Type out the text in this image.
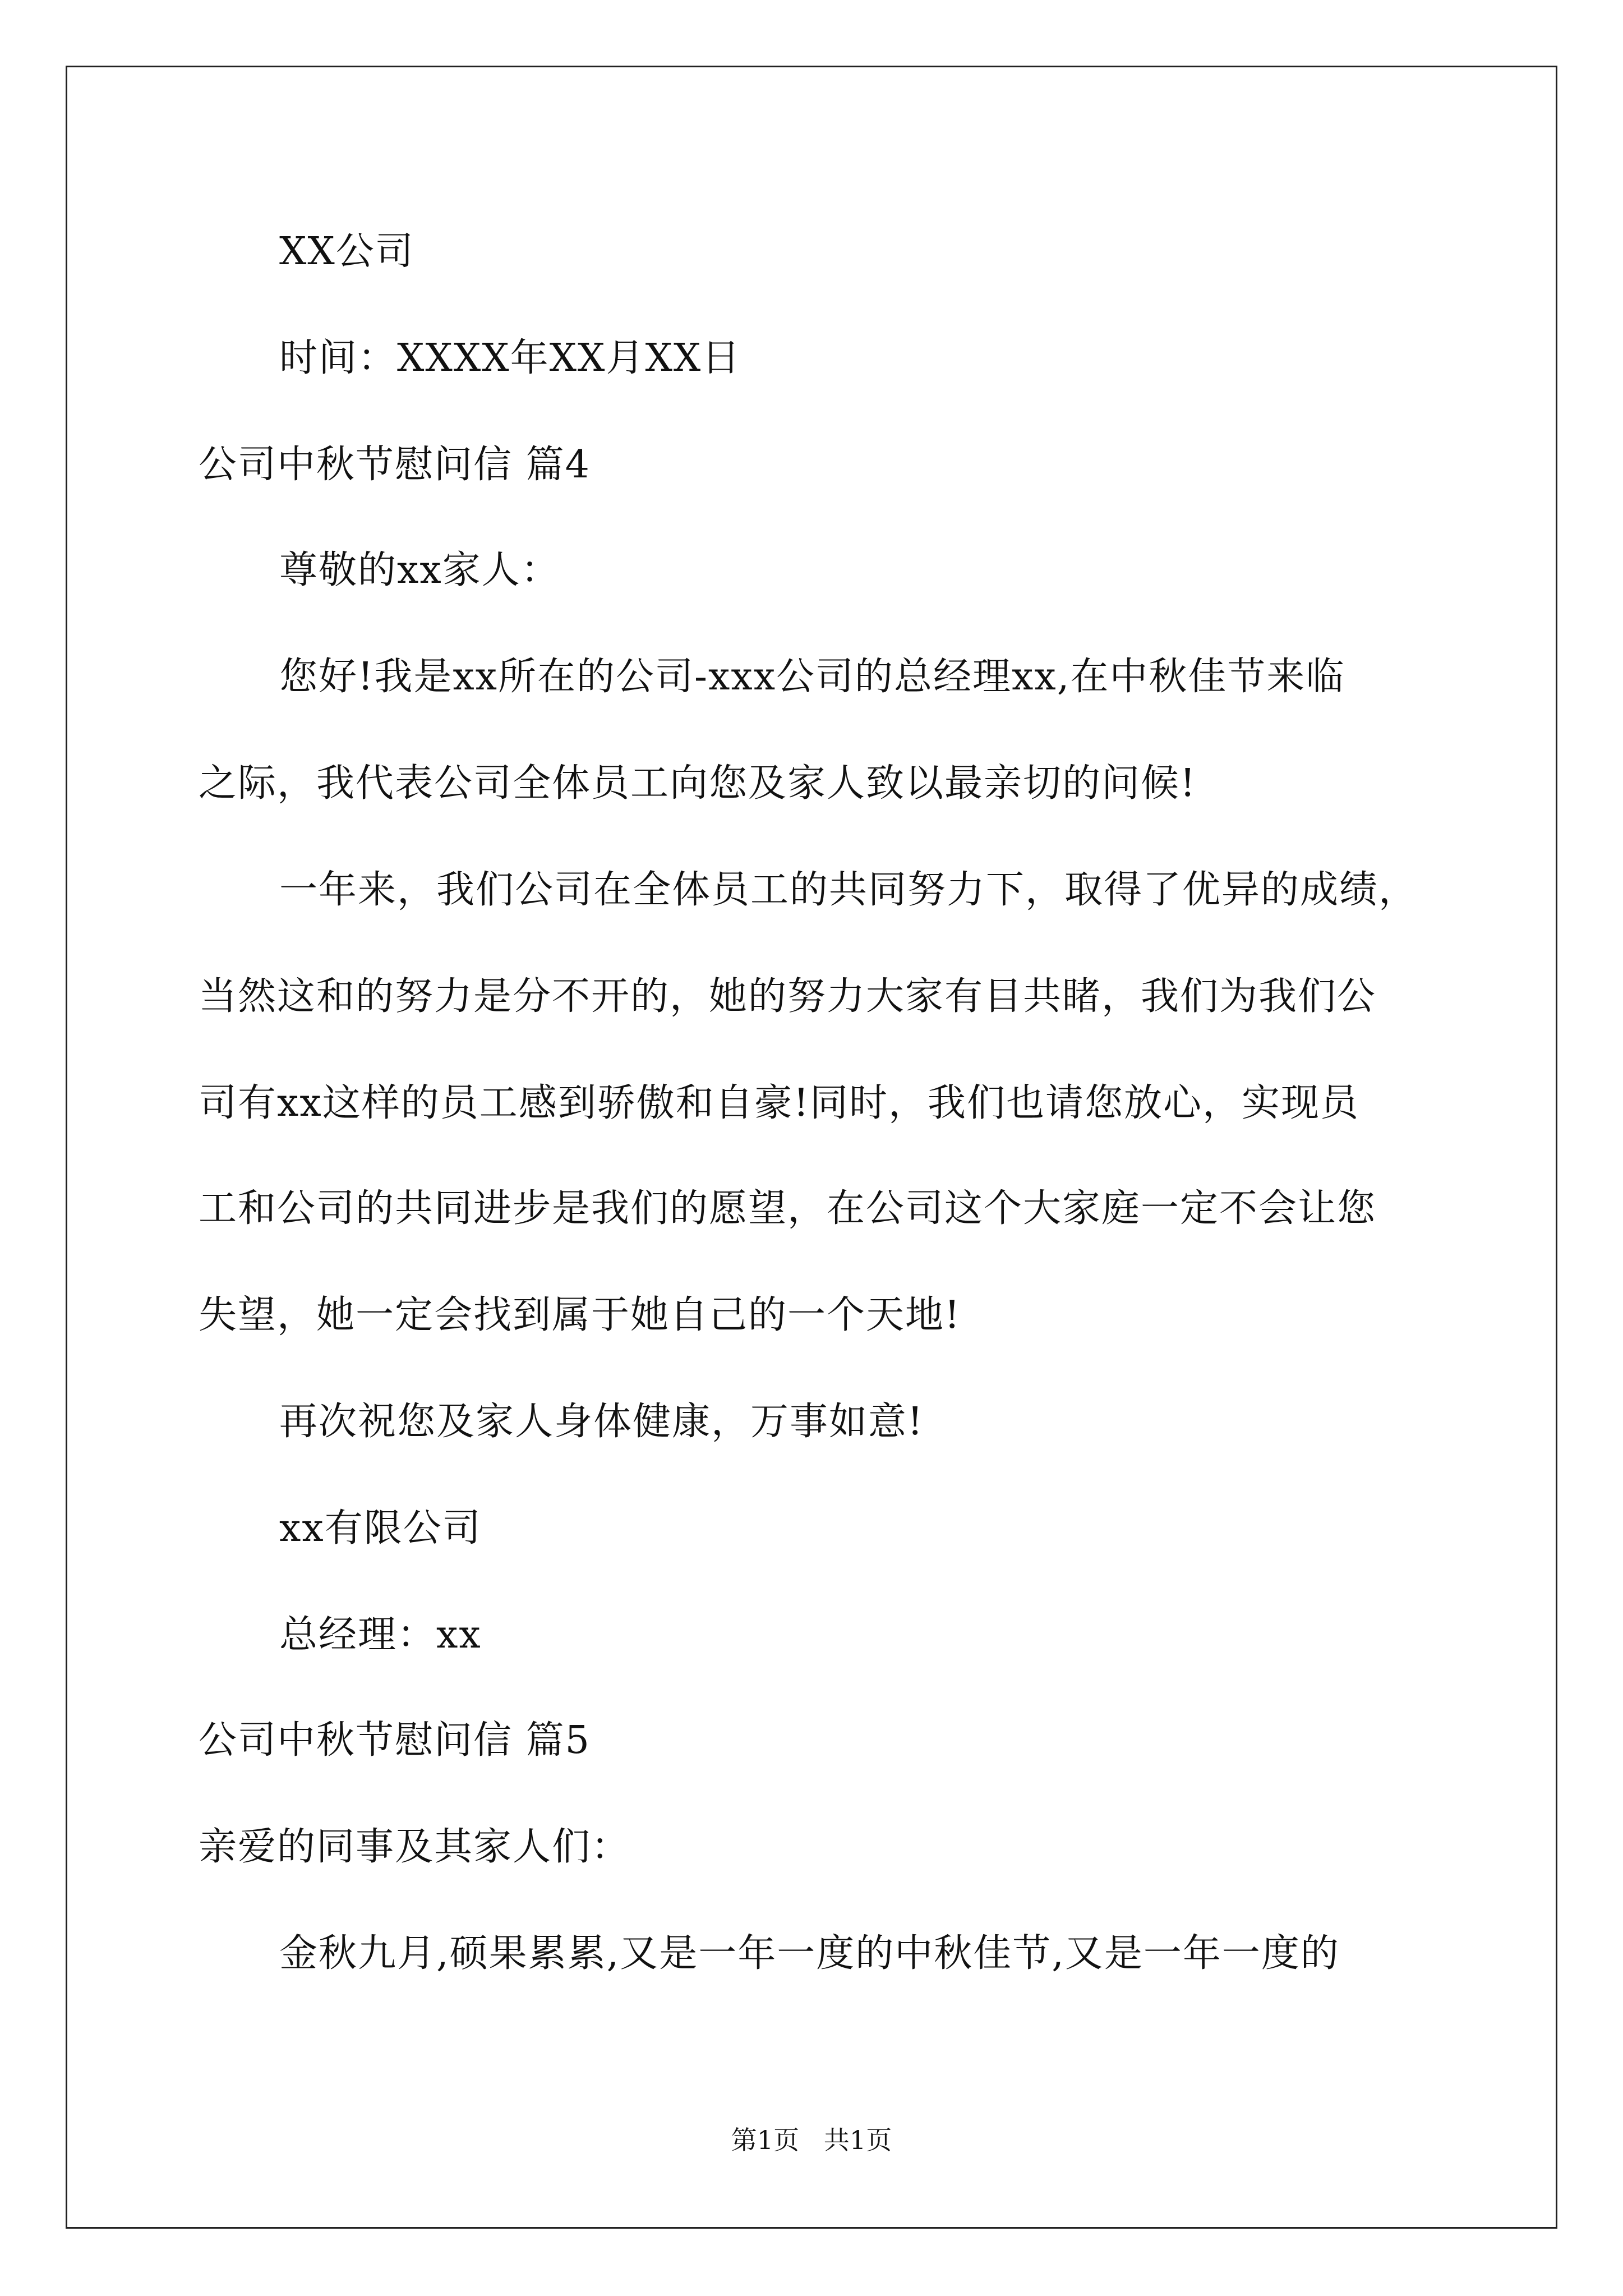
XX公司
时间：XXXX年XX月XX日
公司中秋节慰问信 篇4
尊敬的xx家人：
您好!我是xx所在的公司-xxx公司的总经理xx,在中秋佳节来临
之际，我代表公司全体员工向您及家人致以最亲切的问候!
一年来，我们公司在全体员工的共同努力下，取得了优异的成绩，
当然这和的努力是分不开的，她的努力大家有目共睹，我们为我们公
司有xx这样的员工感到骄傲和自豪!同时，我们也请您放心，实现员
工和公司的共同进步是我们的愿望，在公司这个大家庭一定不会让您
失望，她一定会找到属于她自己的一个天地!
再次祝您及家人身体健康，万事如意!
xx有限公司
总经理：xx
公司中秋节慰问信 篇5
亲爱的同事及其家人们：
金秋九月,硕果累累,又是一年一度的中秋佳节,又是一年一度的
第1页   共1页
